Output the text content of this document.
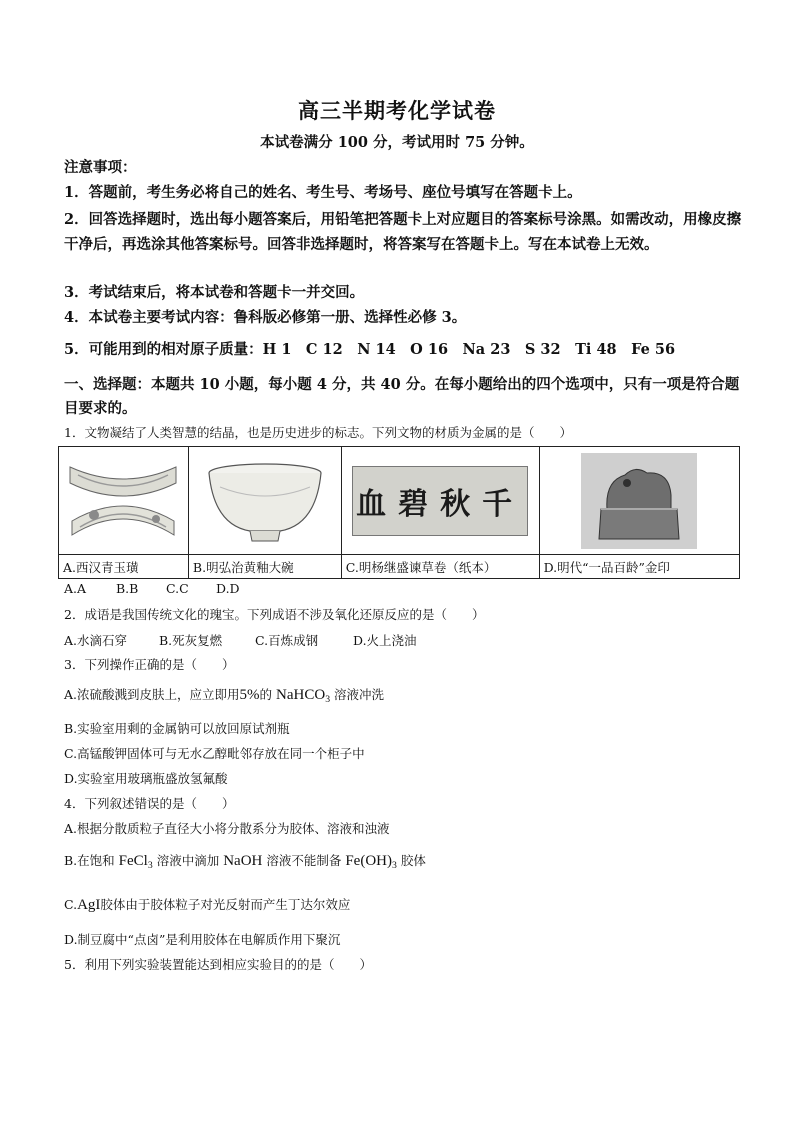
高三半期考化学试卷
本试卷满分 100 分，考试用时 75 分钟。
注意事项：
1．答题前，考生务必将自己的姓名、考生号、考场号、座位号填写在答题卡上。
2．回答选择题时，选出每小题答案后，用铅笔把答题卡上对应题目的答案标号涂黑。如需改动，用橡皮擦干净后，再选涂其他答案标号。回答非选择题时，将答案写在答题卡上。写在本试卷上无效。
3．考试结束后，将本试卷和答题卡一并交回。
4．本试卷主要考试内容：鲁科版必修第一册、选择性必修 3。
5．可能用到的相对原子质量：H 1　C 12　N 14　O 16　Na 23　S 32　Ti 48　Fe 56
一、选择题：本题共 10 小题，每小题 4 分，共 40 分。在每小题给出的四个选项中，只有一项是符合题目要求的。
1．文物凝结了人类智慧的结晶，也是历史进步的标志。下列文物的材质为金属的是（　　）

千秋碧血

A.西汉青玉璜	B.明弘治黄釉大碗	C.明杨继盛谏草卷（纸本）	D.明代“一品百龄”金印
A.A	B.B	C.C	D.D
2．成语是我国传统文化的瑰宝。下列成语不涉及氧化还原反应的是（　　）
A.水滴石穿	B.死灰复燃	C.百炼成钢	D.火上浇油
3．下列操作正确的是（　　）
A.浓硫酸溅到皮肤上，应立即用5%的 NaHCO$_3$ 溶液冲洗
B.实验室用剩的金属钠可以放回原试剂瓶
C.高锰酸钾固体可与无水乙醇毗邻存放在同一个柜子中
D.实验室用玻璃瓶盛放氢氟酸
4．下列叙述错误的是（　　）
A.根据分散质粒子直径大小将分散系分为胶体、溶液和浊液
B.在饱和 FeCl$_3$ 溶液中滴加 NaOH 溶液不能制备 $Fe(OH)_3$ 胶体
C.AgI胶体由于胶体粒子对光反射而产生丁达尔效应
D.制豆腐中“点卤”是利用胶体在电解质作用下聚沉
5．利用下列实验装置能达到相应实验目的的是（　　）
